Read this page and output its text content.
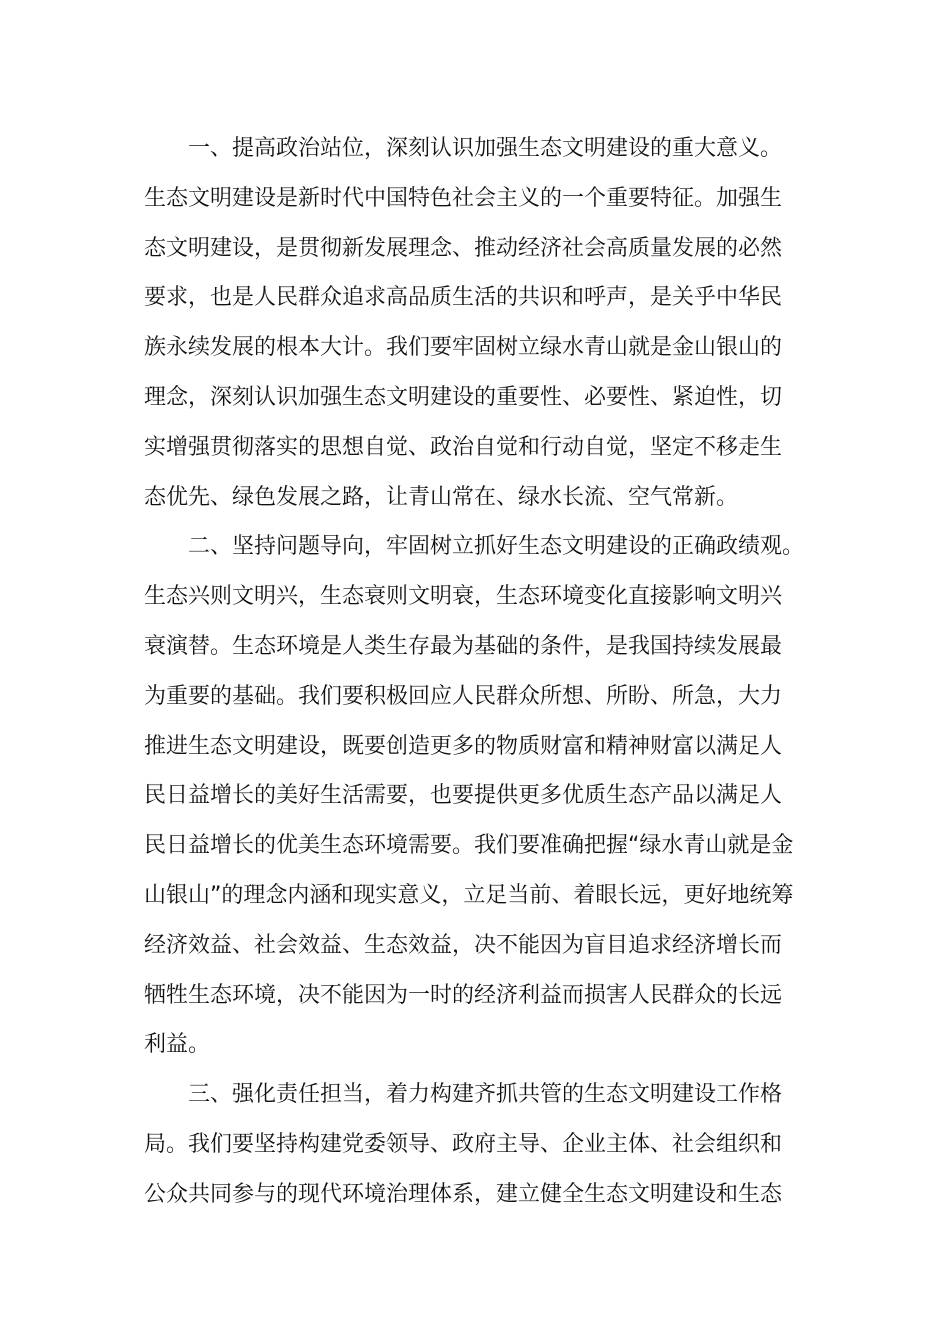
一、提高政治站位，深刻认识加强生态文明建设的重大意义。
生态文明建设是新时代中国特色社会主义的一个重要特征。加强生
态文明建设，是贯彻新发展理念、推动经济社会高质量发展的必然
要求，也是人民群众追求高品质生活的共识和呼声，是关乎中华民
族永续发展的根本大计。我们要牢固树立绿水青山就是金山银山的
理念，深刻认识加强生态文明建设的重要性、必要性、紧迫性，切
实增强贯彻落实的思想自觉、政治自觉和行动自觉，坚定不移走生
态优先、绿色发展之路，让青山常在、绿水长流、空气常新。
二、坚持问题导向，牢固树立抓好生态文明建设的正确政绩观。
生态兴则文明兴，生态衰则文明衰，生态环境变化直接影响文明兴
衰演替。生态环境是人类生存最为基础的条件，是我国持续发展最
为重要的基础。我们要积极回应人民群众所想、所盼、所急，大力
推进生态文明建设，既要创造更多的物质财富和精神财富以满足人
民日益增长的美好生活需要，也要提供更多优质生态产品以满足人
民日益增长的优美生态环境需要。我们要准确把握“绿水青山就是金
山银山”的理念内涵和现实意义，立足当前、着眼长远，更好地统筹
经济效益、社会效益、生态效益，决不能因为盲目追求经济增长而
牺牲生态环境，决不能因为一时的经济利益而损害人民群众的长远
利益。
三、强化责任担当，着力构建齐抓共管的生态文明建设工作格
局。我们要坚持构建党委领导、政府主导、企业主体、社会组织和
公众共同参与的现代环境治理体系，建立健全生态文明建设和生态
